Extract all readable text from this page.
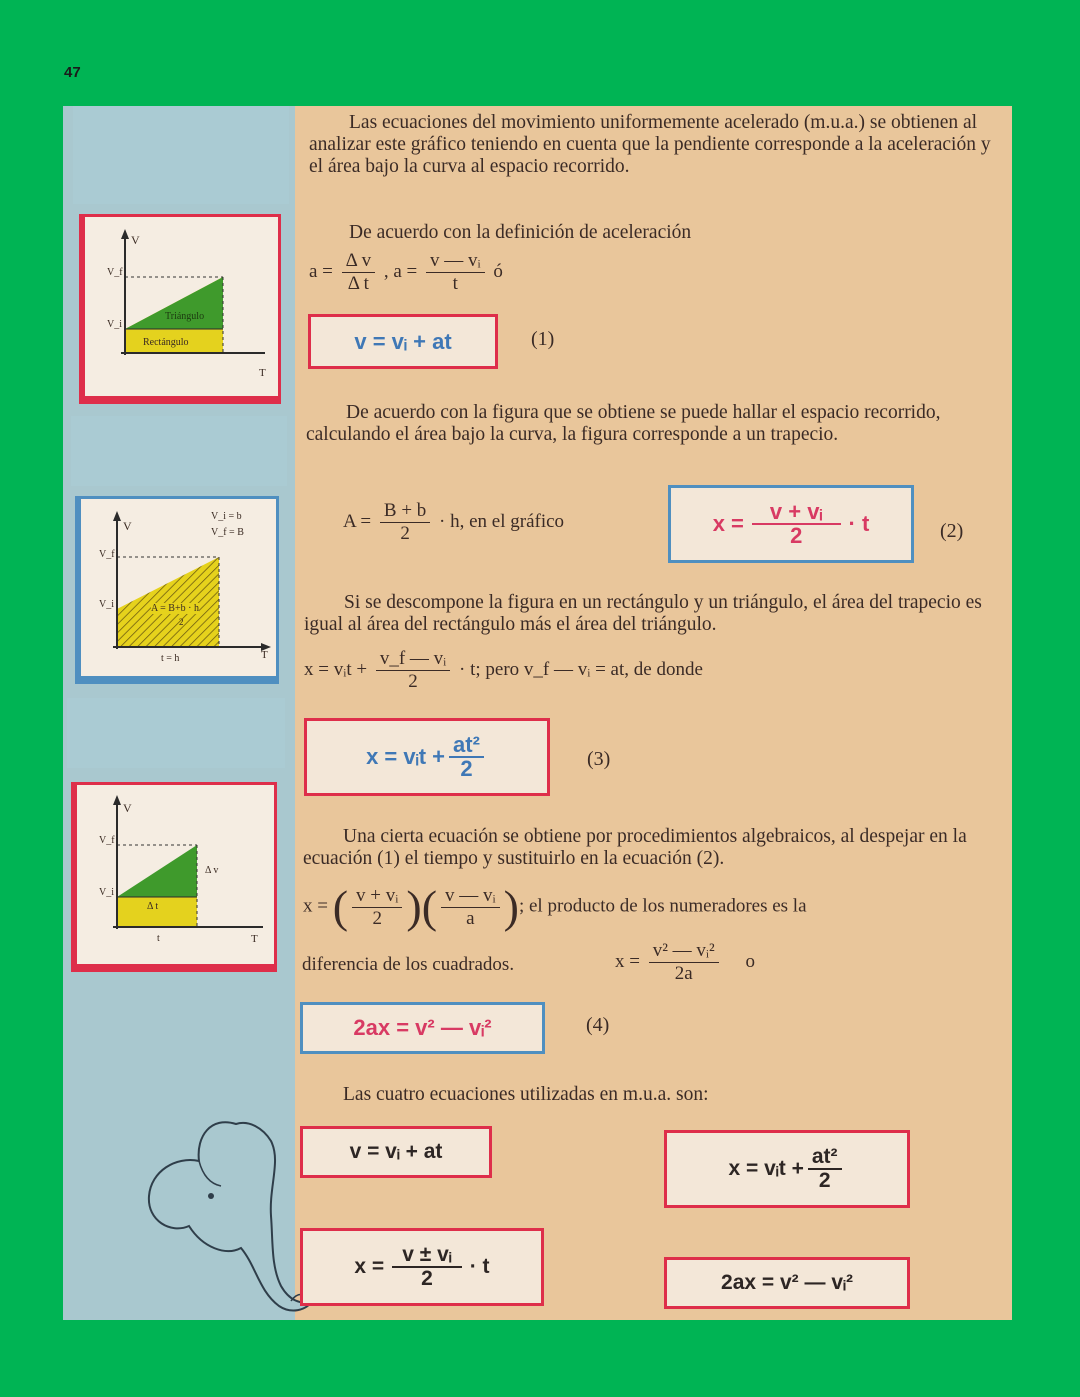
47
V
T
V_f
V_i
Triángulo
Rectángulo
V
T
V_f
V_i
V_i = b
V_f = B
A = B+b · h
2
t = h
V
T
V_f
V_i
Δ v
Δ t
t

Las ecuaciones del movimiento uniformemente acelerado (m.u.a.) se obtienen al analizar este gráfico teniendo en cuenta que la pendiente corresponde a la aceleración y el área bajo la curva al espacio recorrido.

De acuerdo con la definición de aceleración

$a = \frac{\text{Δ v}}{\text{Δ t}}$ , $a = \frac{\text{v — vᵢ}}{t}$ ó
v = vᵢ + at	(1)

De acuerdo con la figura que se obtiene se puede hallar el espacio recorrido, calculando el área bajo la curva, la figura corresponde a un trapecio.

$A = \frac{B + b}{2} \cdot h$, en el gráfico	$x = \frac{\text{v + vᵢ}}{2} \cdot t$	(2)

Si se descompone la figura en un rectángulo y un triángulo, el área del trapecio es igual al área del rectángulo más el área del triángulo.

x = vᵢt + $\frac{\text{v\_f — vᵢ}}{2} \cdot t$; pero v_f — vᵢ = at, de donde
x = vᵢt + $\frac{\text{at²}}{2}$	(3)

Una cierta ecuación se obtiene por procedimientos algebraicos, al despejar en la ecuación (1) el tiempo y sustituirlo en la ecuación (2).

x = ( $\frac{\text{v + vᵢ}}{2}$ )( $\frac{\text{v — vᵢ}}{a}$ ); el producto de los numeradores es la
diferencia de los cuadrados.	$x = \frac{\text{v² — vᵢ²}}{2a}$ o
2ax = v² — vᵢ²	(4)

Las cuatro ecuaciones utilizadas en m.u.a. son:

v = vᵢ + at
x = vᵢt + $\frac{\text{at²}}{2}$
$x = \frac{\text{v ± vᵢ}}{2} \cdot t$
2ax = v² — vᵢ²
